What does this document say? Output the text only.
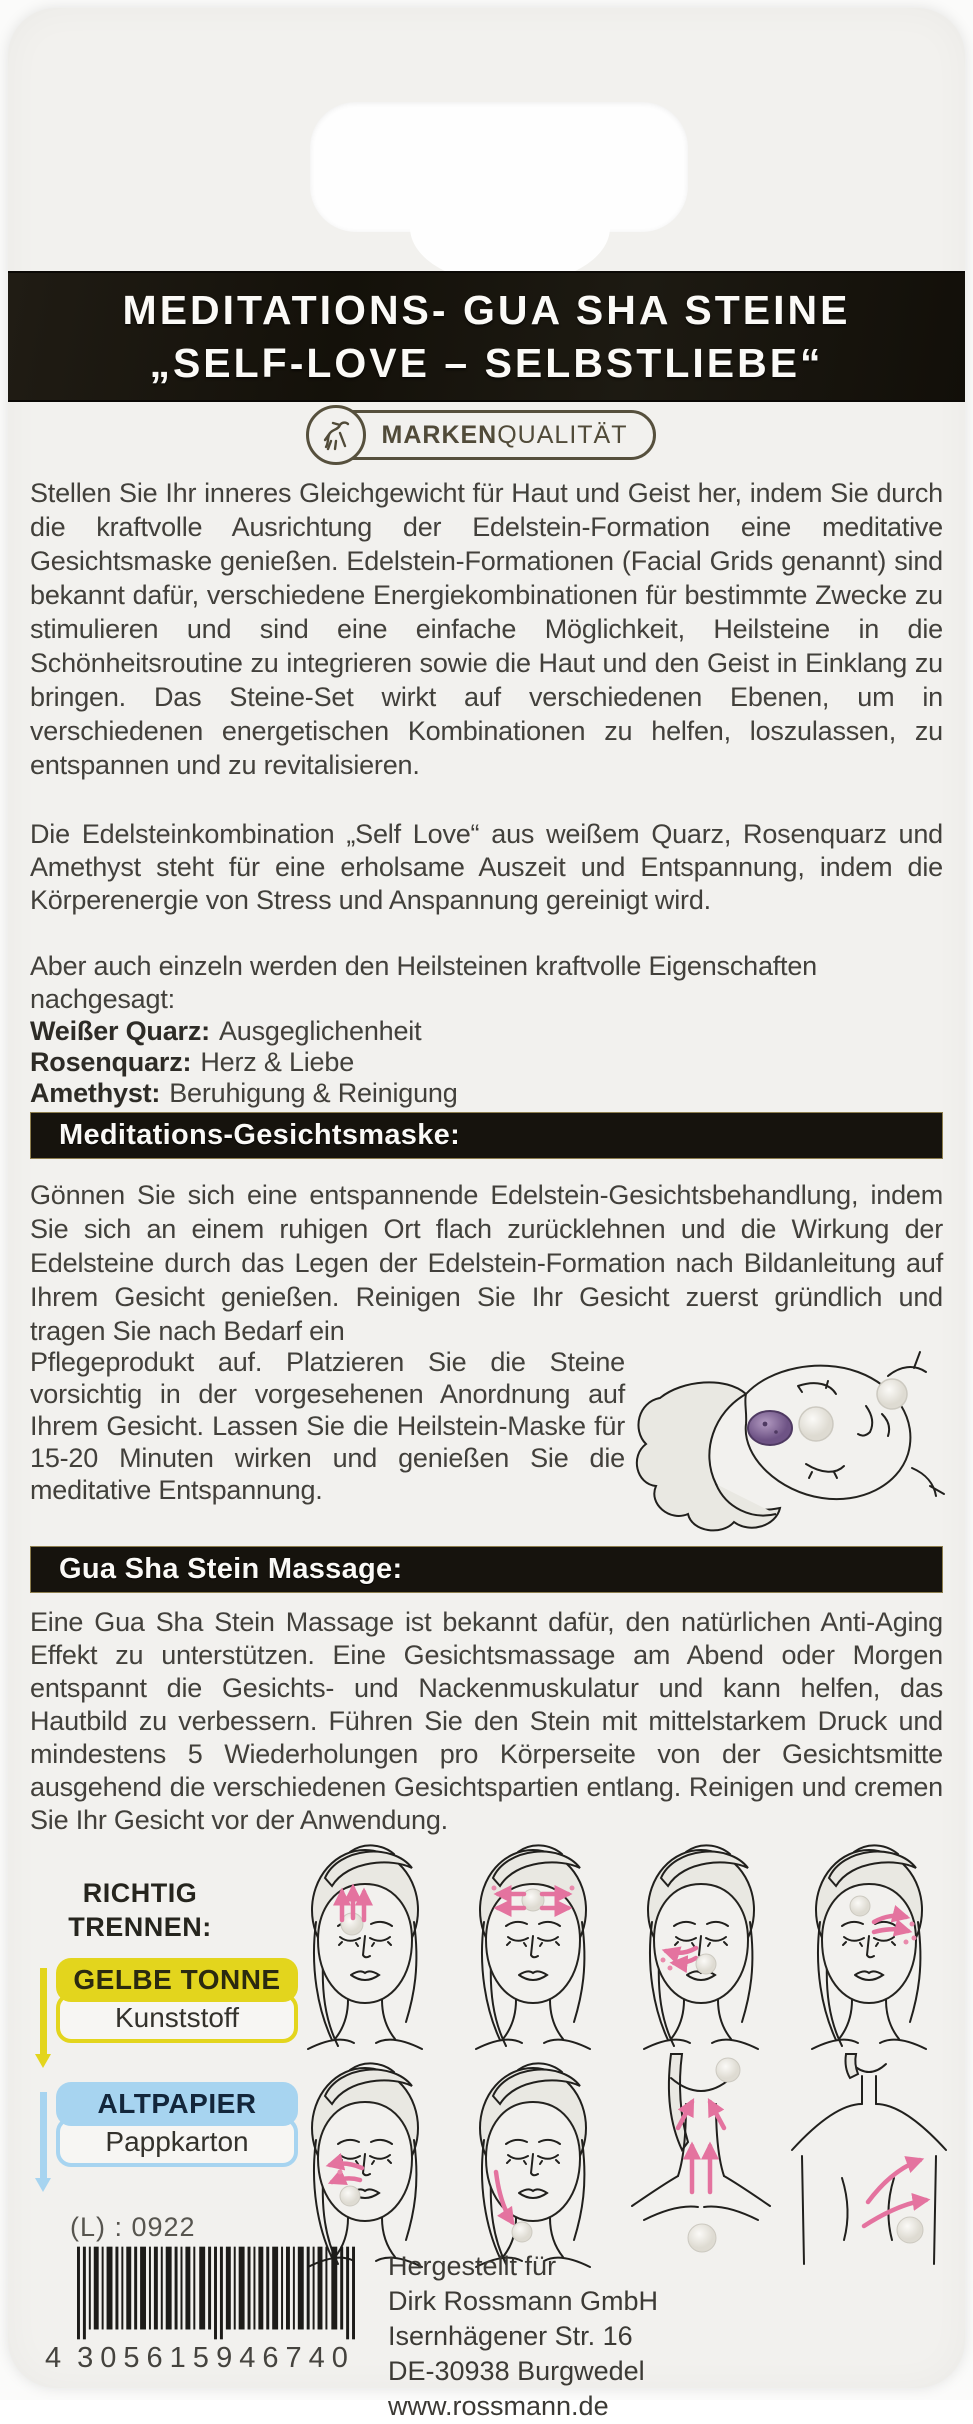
MEDITATIONS- GUA SHA STEINE
„SELF-LOVE – SELBSTLIEBE“
MARKENQUALITÄT

Stellen Sie Ihr inneres Gleichgewicht für Haut und Geist her, indem Sie durch die kraftvolle Ausrichtung der Edelstein-Formation eine meditative Gesichtsmaske genießen. Edelstein-Formationen (Facial Grids genannt) sind bekannt dafür, verschiedene Energiekombinationen für bestimmte Zwecke zu stimulieren und sind eine einfache Möglichkeit, Heilsteine in die Schönheitsroutine zu integrieren sowie die Haut und den Geist in Einklang zu bringen. Das Steine-Set wirkt auf verschiedenen Ebenen, um in verschiedenen energetischen Kombinationen zu helfen, loszulassen, zu entspannen und zu revitalisieren.

Die Edelsteinkombination „Self Love“ aus weißem Quarz, Rosenquarz und Amethyst steht für eine erholsame Auszeit und Entspannung, indem die Körperenergie von Stress und Anspannung gereinigt wird.

Aber auch einzeln werden den Heilsteinen kraftvolle Eigenschaften nachgesagt:
Weißer Quarz: Ausgeglichenheit
Rosenquarz: Herz & Liebe
Amethyst: Beruhigung & Reinigung
Meditations-Gesichtsmaske:

Gönnen Sie sich eine entspannende Edelstein-Gesichtsbehandlung, indem Sie sich an einem ruhigen Ort flach zurücklehnen und die Wirkung der Edelsteine durch das Legen der Edelstein-Formation nach Bildanleitung auf Ihrem Gesicht genießen. Reinigen Sie Ihr Gesicht zuerst gründlich und tragen Sie nach Bedarf ein

Pflegeprodukt auf. Platzieren Sie die Steine vorsichtig in der vorgesehenen Anordnung auf Ihrem Gesicht. Lassen Sie die Heilstein-Maske für 15-20 Minuten wirken und genießen Sie die meditative Entspannung.

Gua Sha Stein Massage:

Eine Gua Sha Stein Massage ist bekannt dafür, den natürlichen Anti-Aging Effekt zu unterstützen. Eine Gesichtsmassage am Abend oder Morgen entspannt die Gesichts- und Nackenmuskulatur und kann helfen, das Hautbild zu verbessern. Führen Sie den Stein mit mittelstarkem Druck und mindestens 5 Wiederholungen pro Körperseite von der Gesichtsmitte ausgehend die verschiedenen Gesichtspartien entlang. Reinigen und cremen Sie Ihr Gesicht vor der Anwendung.

RICHTIG
TRENNEN:
GELBE TONNE
Kunststoff
ALTPAPIER
Pappkarton
(L) : 0922
4 305615 946740
Hergestellt für
Dirk Rossmann GmbH
Isernhägener Str. 16
DE-30938 Burgwedel
www.rossmann.de
